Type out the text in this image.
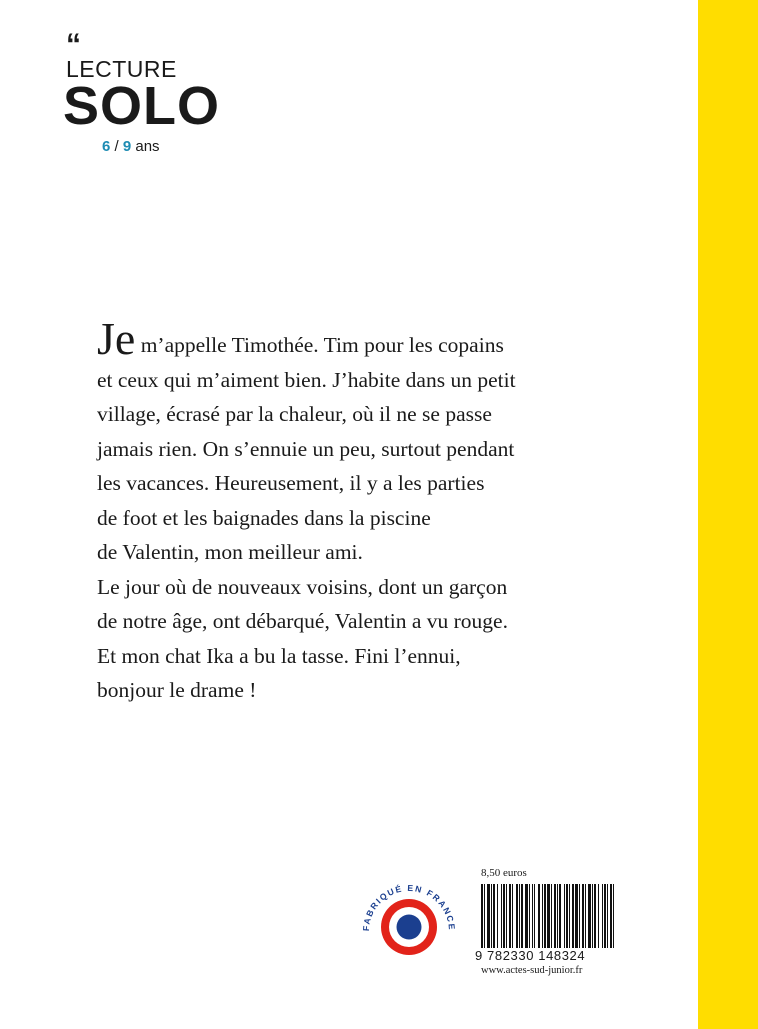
“
LECTURE
SOLO
6 / 9 ans
Je m’appelle Timothée. Tim pour les copains
et ceux qui m’aiment bien. J’habite dans un petit
village, écrasé par la chaleur, où il ne se passe
jamais rien. On s’ennuie un peu, surtout pendant
les vacances. Heureusement, il y a les parties
de foot et les baignades dans la piscine
de Valentin, mon meilleur ami.
Le jour où de nouveaux voisins, dont un garçon
de notre âge, ont débarqué, Valentin a vu rouge.
Et mon chat Ika a bu la tasse. Fini l’ennui,
bonjour le drame !
FABRIQUÉ EN FRANCE
8,50 euros
9 782330 148324
www.actes-sud-junior.fr
